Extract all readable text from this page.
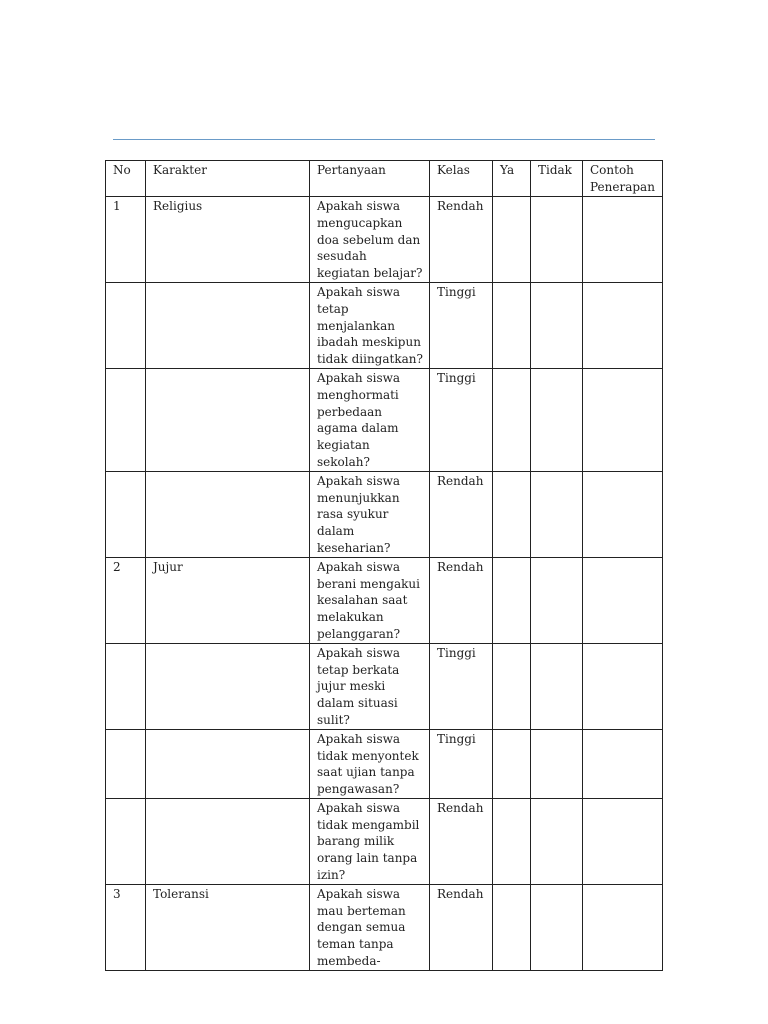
No	Karakter	Pertanyaan	Kelas	Ya	Tidak	Contoh Penerapan
1	Religius	Apakah siswa mengucapkan doa sebelum dan sesudah kegiatan belajar?	Rendah			
		Apakah siswa tetap menjalankan ibadah meskipun tidak diingatkan?	Tinggi			
		Apakah siswa menghormati perbedaan agama dalam kegiatan sekolah?	Tinggi			
		Apakah siswa menunjukkan rasa syukur dalam keseharian?	Rendah			
2	Jujur	Apakah siswa berani mengakui kesalahan saat melakukan pelanggaran?	Rendah			
		Apakah siswa tetap berkata jujur meski dalam situasi sulit?	Tinggi			
		Apakah siswa tidak menyontek saat ujian tanpa pengawasan?	Tinggi			
		Apakah siswa tidak mengambil barang milik orang lain tanpa izin?	Rendah			
3	Toleransi	Apakah siswa mau berteman dengan semua teman tanpa membeda-	Rendah			
